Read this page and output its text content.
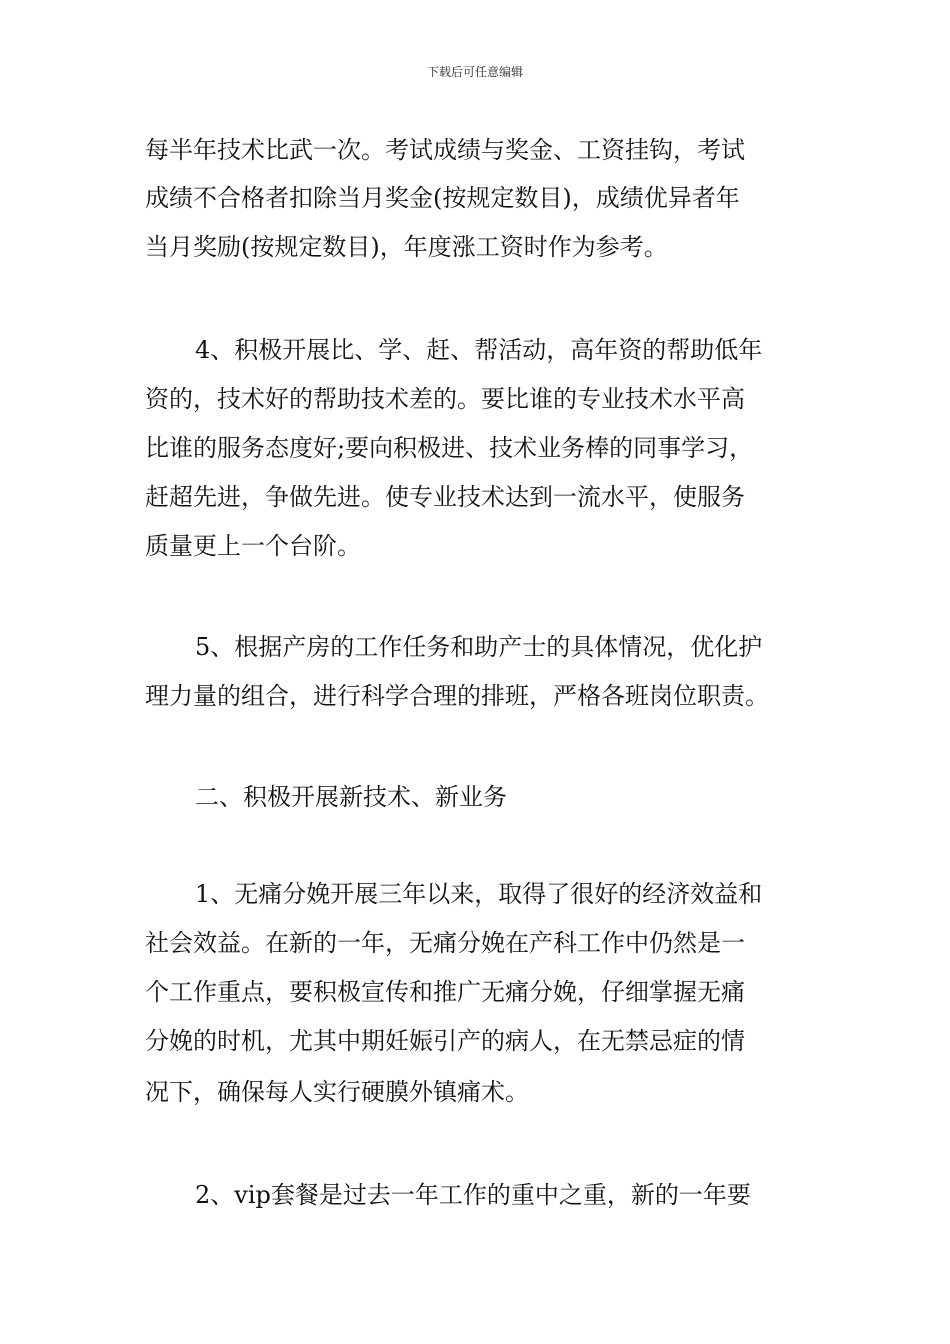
下载后可任意编辑
每半年技术比武一次。考试成绩与奖金、工资挂钩，考试
成绩不合格者扣除当月奖金(按规定数目)，成绩优异者年
当月奖励(按规定数目)，年度涨工资时作为参考。
4、积极开展比、学、赶、帮活动，高年资的帮助低年
资的，技术好的帮助技术差的。要比谁的专业技术水平高
比谁的服务态度好;要向积极进、技术业务棒的同事学习，
赶超先进，争做先进。使专业技术达到一流水平，使服务
质量更上一个台阶。
5、根据产房的工作任务和助产士的具体情况，优化护
理力量的组合，进行科学合理的排班，严格各班岗位职责。
二、积极开展新技术、新业务
1、无痛分娩开展三年以来，取得了很好的经济效益和
社会效益。在新的一年，无痛分娩在产科工作中仍然是一
个工作重点，要积极宣传和推广无痛分娩，仔细掌握无痛
分娩的时机，尤其中期妊娠引产的病人，在无禁忌症的情
况下，确保每人实行硬膜外镇痛术。
2、vip套餐是过去一年工作的重中之重，新的一年要
